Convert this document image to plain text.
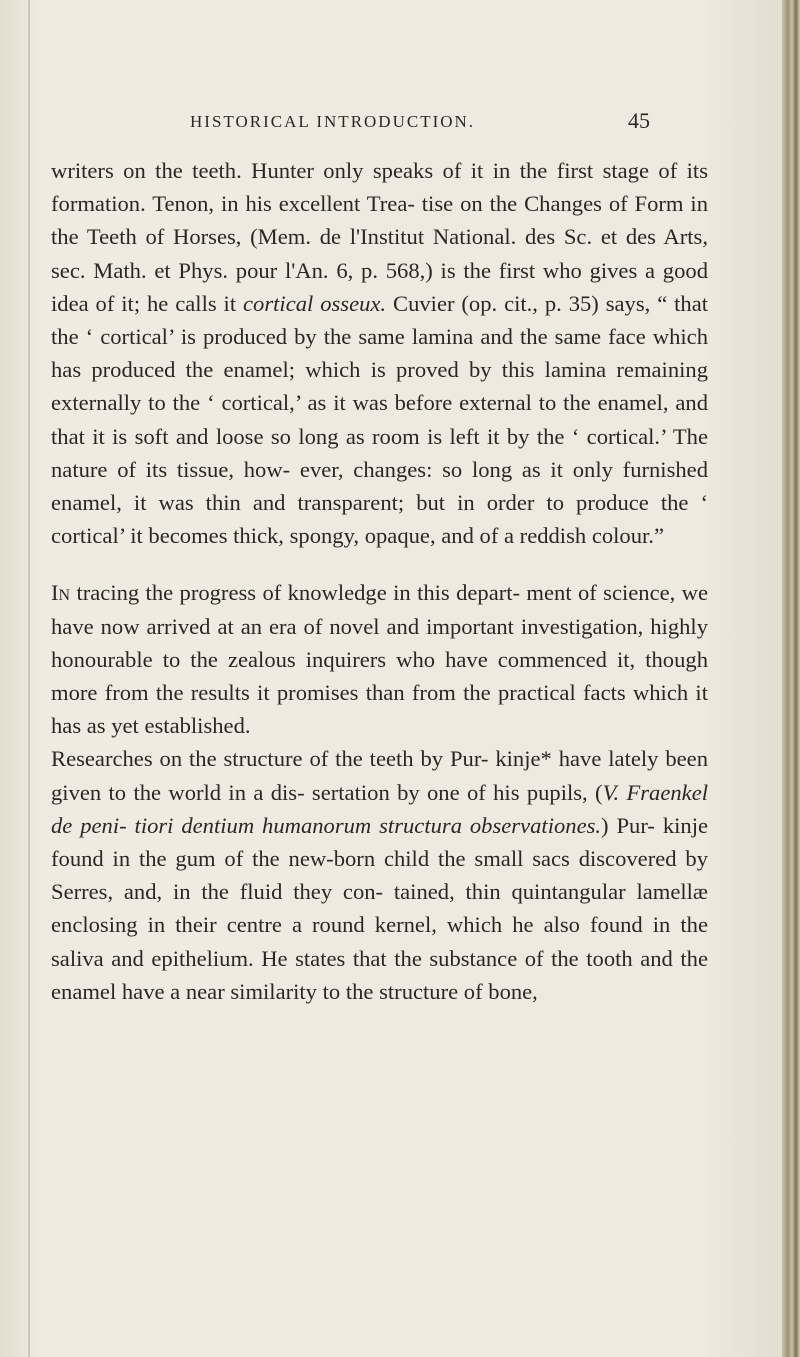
HISTORICAL INTRODUCTION.	45

writers on the teeth. Hunter only speaks of it in the first stage of its formation. Tenon, in his excellent Trea- tise on the Changes of Form in the Teeth of Horses, (Mem. de l'Institut National. des Sc. et des Arts, sec. Math. et Phys. pour l'An. 6, p. 568,) is the first who gives a good idea of it; he calls it cortical osseux. Cuvier (op. cit., p. 35) says, “ that the ‘ cortical’ is produced by the same lamina and the same face which has produced the enamel; which is proved by this lamina remaining externally to the ‘ cortical,’ as it was before external to the enamel, and that it is soft and loose so long as room is left it by the ‘ cortical.’ The nature of its tissue, how- ever, changes: so long as it only furnished enamel, it was thin and transparent; but in order to produce the ‘ cortical’ it becomes thick, spongy, opaque, and of a reddish colour.”

In tracing the progress of knowledge in this depart- ment of science, we have now arrived at an era of novel and important investigation, highly honourable to the zealous inquirers who have commenced it, though more from the results it promises than from the practical facts which it has as yet established.

Researches on the structure of the teeth by Pur- kinje* have lately been given to the world in a dis- sertation by one of his pupils, (V. Fraenkel de peni- tiori dentium humanorum structura observationes.) Pur- kinje found in the gum of the new-born child the small sacs discovered by Serres, and, in the fluid they con- tained, thin quintangular lamellæ enclosing in their centre a round kernel, which he also found in the saliva and epithelium. He states that the substance of the tooth and the enamel have a near similarity to the structure of bone,
